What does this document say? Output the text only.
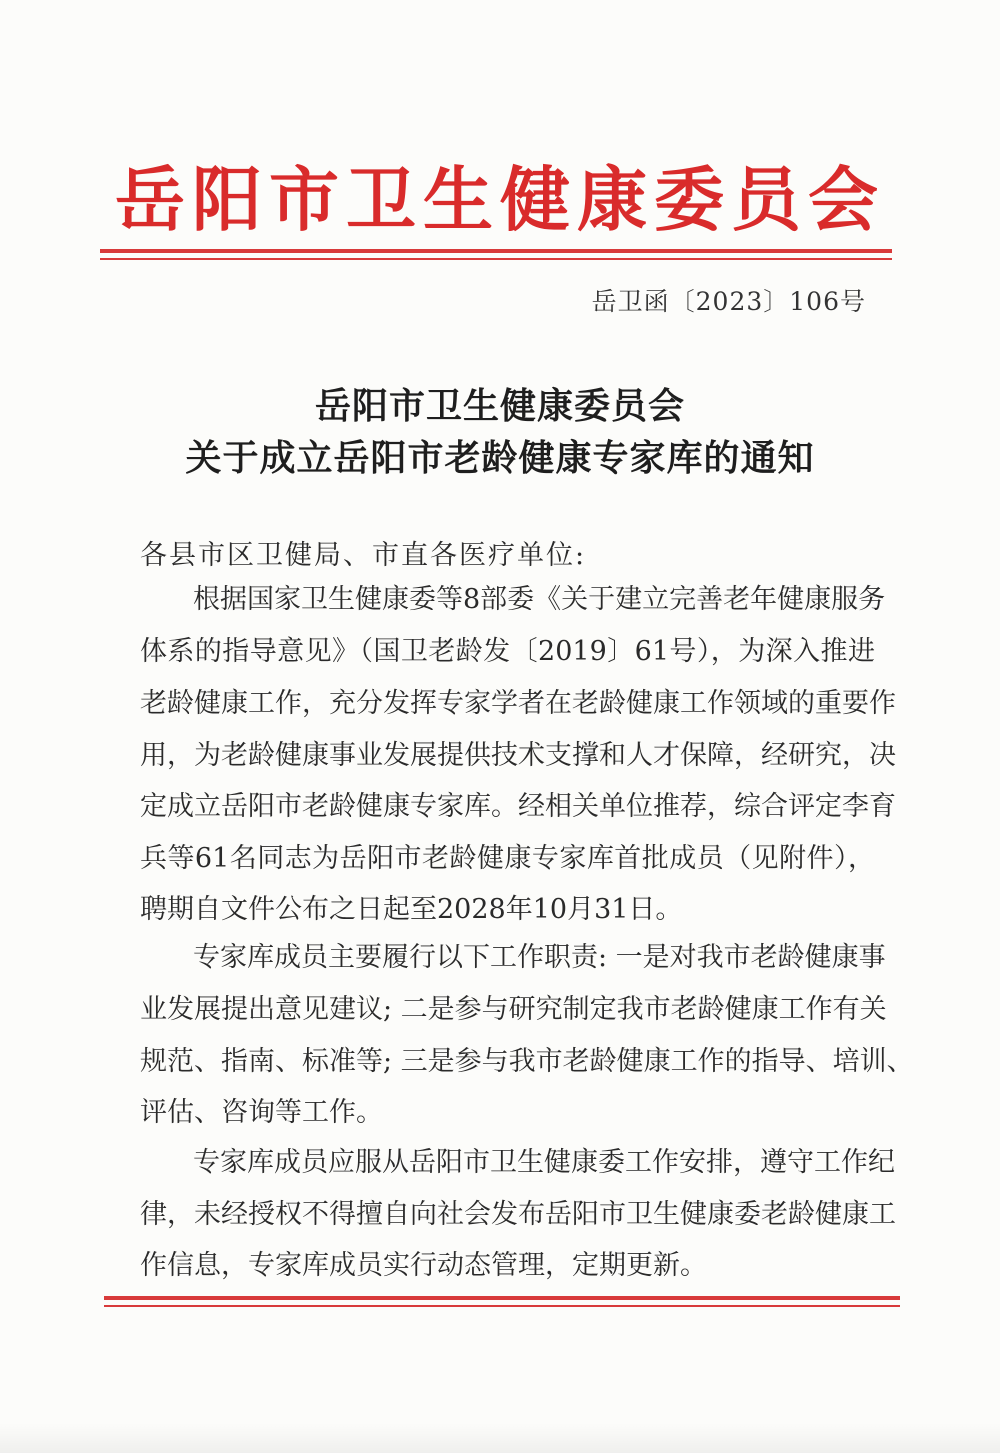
岳阳市卫生健康委员会
岳卫函〔2023〕106号
岳阳市卫生健康委员会
关于成立岳阳市老龄健康专家库的通知
各县市区卫健局、市直各医疗单位:
根据国家卫生健康委等8部委《关于建立完善老年健康服务
体系的指导意见》（国卫老龄发〔2019〕61号），为深入推进
老龄健康工作，充分发挥专家学者在老龄健康工作领域的重要作
用，为老龄健康事业发展提供技术支撑和人才保障，经研究，决
定成立岳阳市老龄健康专家库。经相关单位推荐，综合评定李育
兵等61名同志为岳阳市老龄健康专家库首批成员（见附件），
聘期自文件公布之日起至2028年10月31日。
专家库成员主要履行以下工作职责: 一是对我市老龄健康事
业发展提出意见建议; 二是参与研究制定我市老龄健康工作有关
规范、指南、标准等; 三是参与我市老龄健康工作的指导、培训、
评估、咨询等工作。
专家库成员应服从岳阳市卫生健康委工作安排，遵守工作纪
律，未经授权不得擅自向社会发布岳阳市卫生健康委老龄健康工
作信息，专家库成员实行动态管理，定期更新。
